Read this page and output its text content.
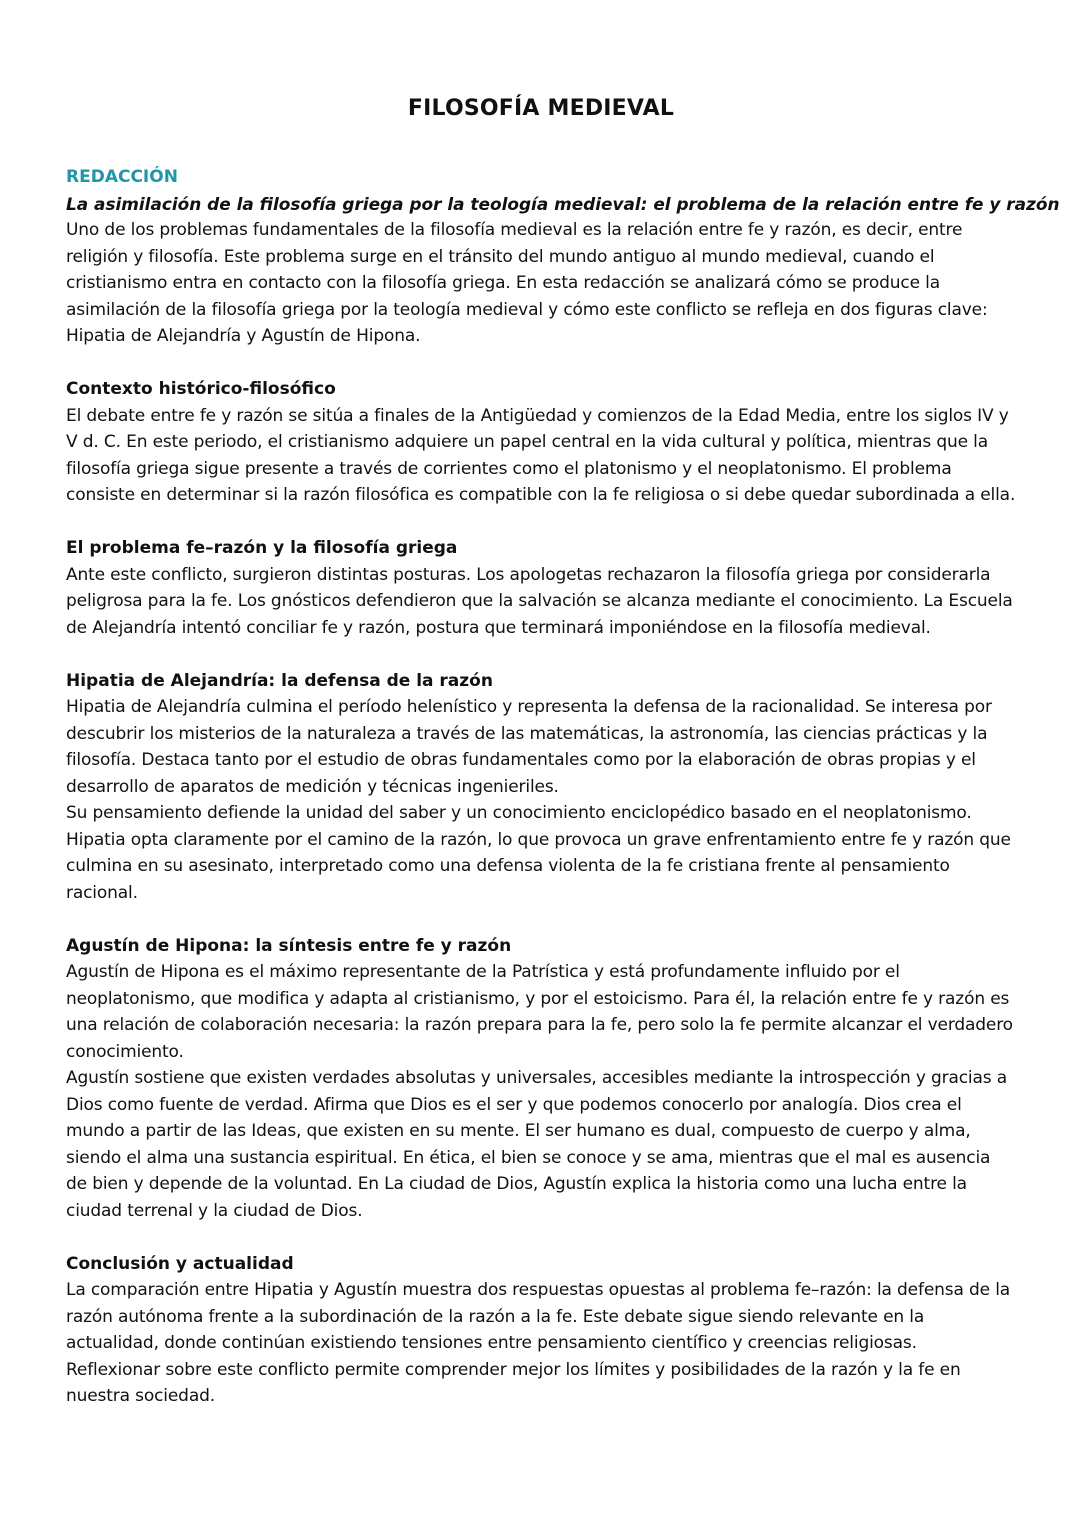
FILOSOFÍA MEDIEVAL
REDACCIÓN
La asimilación de la filosofía griega por la teología medieval: el problema de la relación entre fe y razón

Uno de los problemas fundamentales de la filosofía medieval es la relación entre fe y razón, es decir, entre religión y filosofía. Este problema surge en el tránsito del mundo antiguo al mundo medieval, cuando el cristianismo entra en contacto con la filosofía griega. En esta redacción se analizará cómo se produce la asimilación de la filosofía griega por la teología medieval y cómo este conflicto se refleja en dos figuras clave: Hipatia de Alejandría y Agustín de Hipona.

Contexto histórico-filosófico

El debate entre fe y razón se sitúa a finales de la Antigüedad y comienzos de la Edad Media, entre los siglos IV y V d. C. En este periodo, el cristianismo adquiere un papel central en la vida cultural y política, mientras que la filosofía griega sigue presente a través de corrientes como el platonismo y el neoplatonismo. El problema consiste en determinar si la razón filosófica es compatible con la fe religiosa o si debe quedar subordinada a ella.

El problema fe–razón y la filosofía griega

Ante este conflicto, surgieron distintas posturas. Los apologetas rechazaron la filosofía griega por considerarla peligrosa para la fe. Los gnósticos defendieron que la salvación se alcanza mediante el conocimiento. La Escuela de Alejandría intentó conciliar fe y razón, postura que terminará imponiéndose en la filosofía medieval.

Hipatia de Alejandría: la defensa de la razón

Hipatia de Alejandría culmina el período helenístico y representa la defensa de la racionalidad. Se interesa por descubrir los misterios de la naturaleza a través de las matemáticas, la astronomía, las ciencias prácticas y la filosofía. Destaca tanto por el estudio de obras fundamentales como por la elaboración de obras propias y el desarrollo de aparatos de medición y técnicas ingenieriles.

Su pensamiento defiende la unidad del saber y un conocimiento enciclopédico basado en el neoplatonismo. Hipatia opta claramente por el camino de la razón, lo que provoca un grave enfrentamiento entre fe y razón que culmina en su asesinato, interpretado como una defensa violenta de la fe cristiana frente al pensamiento racional.

Agustín de Hipona: la síntesis entre fe y razón

Agustín de Hipona es el máximo representante de la Patrística y está profundamente influido por el neoplatonismo, que modifica y adapta al cristianismo, y por el estoicismo. Para él, la relación entre fe y razón es una relación de colaboración necesaria: la razón prepara para la fe, pero solo la fe permite alcanzar el verdadero conocimiento.

Agustín sostiene que existen verdades absolutas y universales, accesibles mediante la introspección y gracias a Dios como fuente de verdad. Afirma que Dios es el ser y que podemos conocerlo por analogía. Dios crea el mundo a partir de las Ideas, que existen en su mente. El ser humano es dual, compuesto de cuerpo y alma, siendo el alma una sustancia espiritual. En ética, el bien se conoce y se ama, mientras que el mal es ausencia de bien y depende de la voluntad. En La ciudad de Dios, Agustín explica la historia como una lucha entre la ciudad terrenal y la ciudad de Dios.

Conclusión y actualidad

La comparación entre Hipatia y Agustín muestra dos respuestas opuestas al problema fe–razón: la defensa de la razón autónoma frente a la subordinación de la razón a la fe. Este debate sigue siendo relevante en la actualidad, donde continúan existiendo tensiones entre pensamiento científico y creencias religiosas. Reflexionar sobre este conflicto permite comprender mejor los límites y posibilidades de la razón y la fe en nuestra sociedad.
